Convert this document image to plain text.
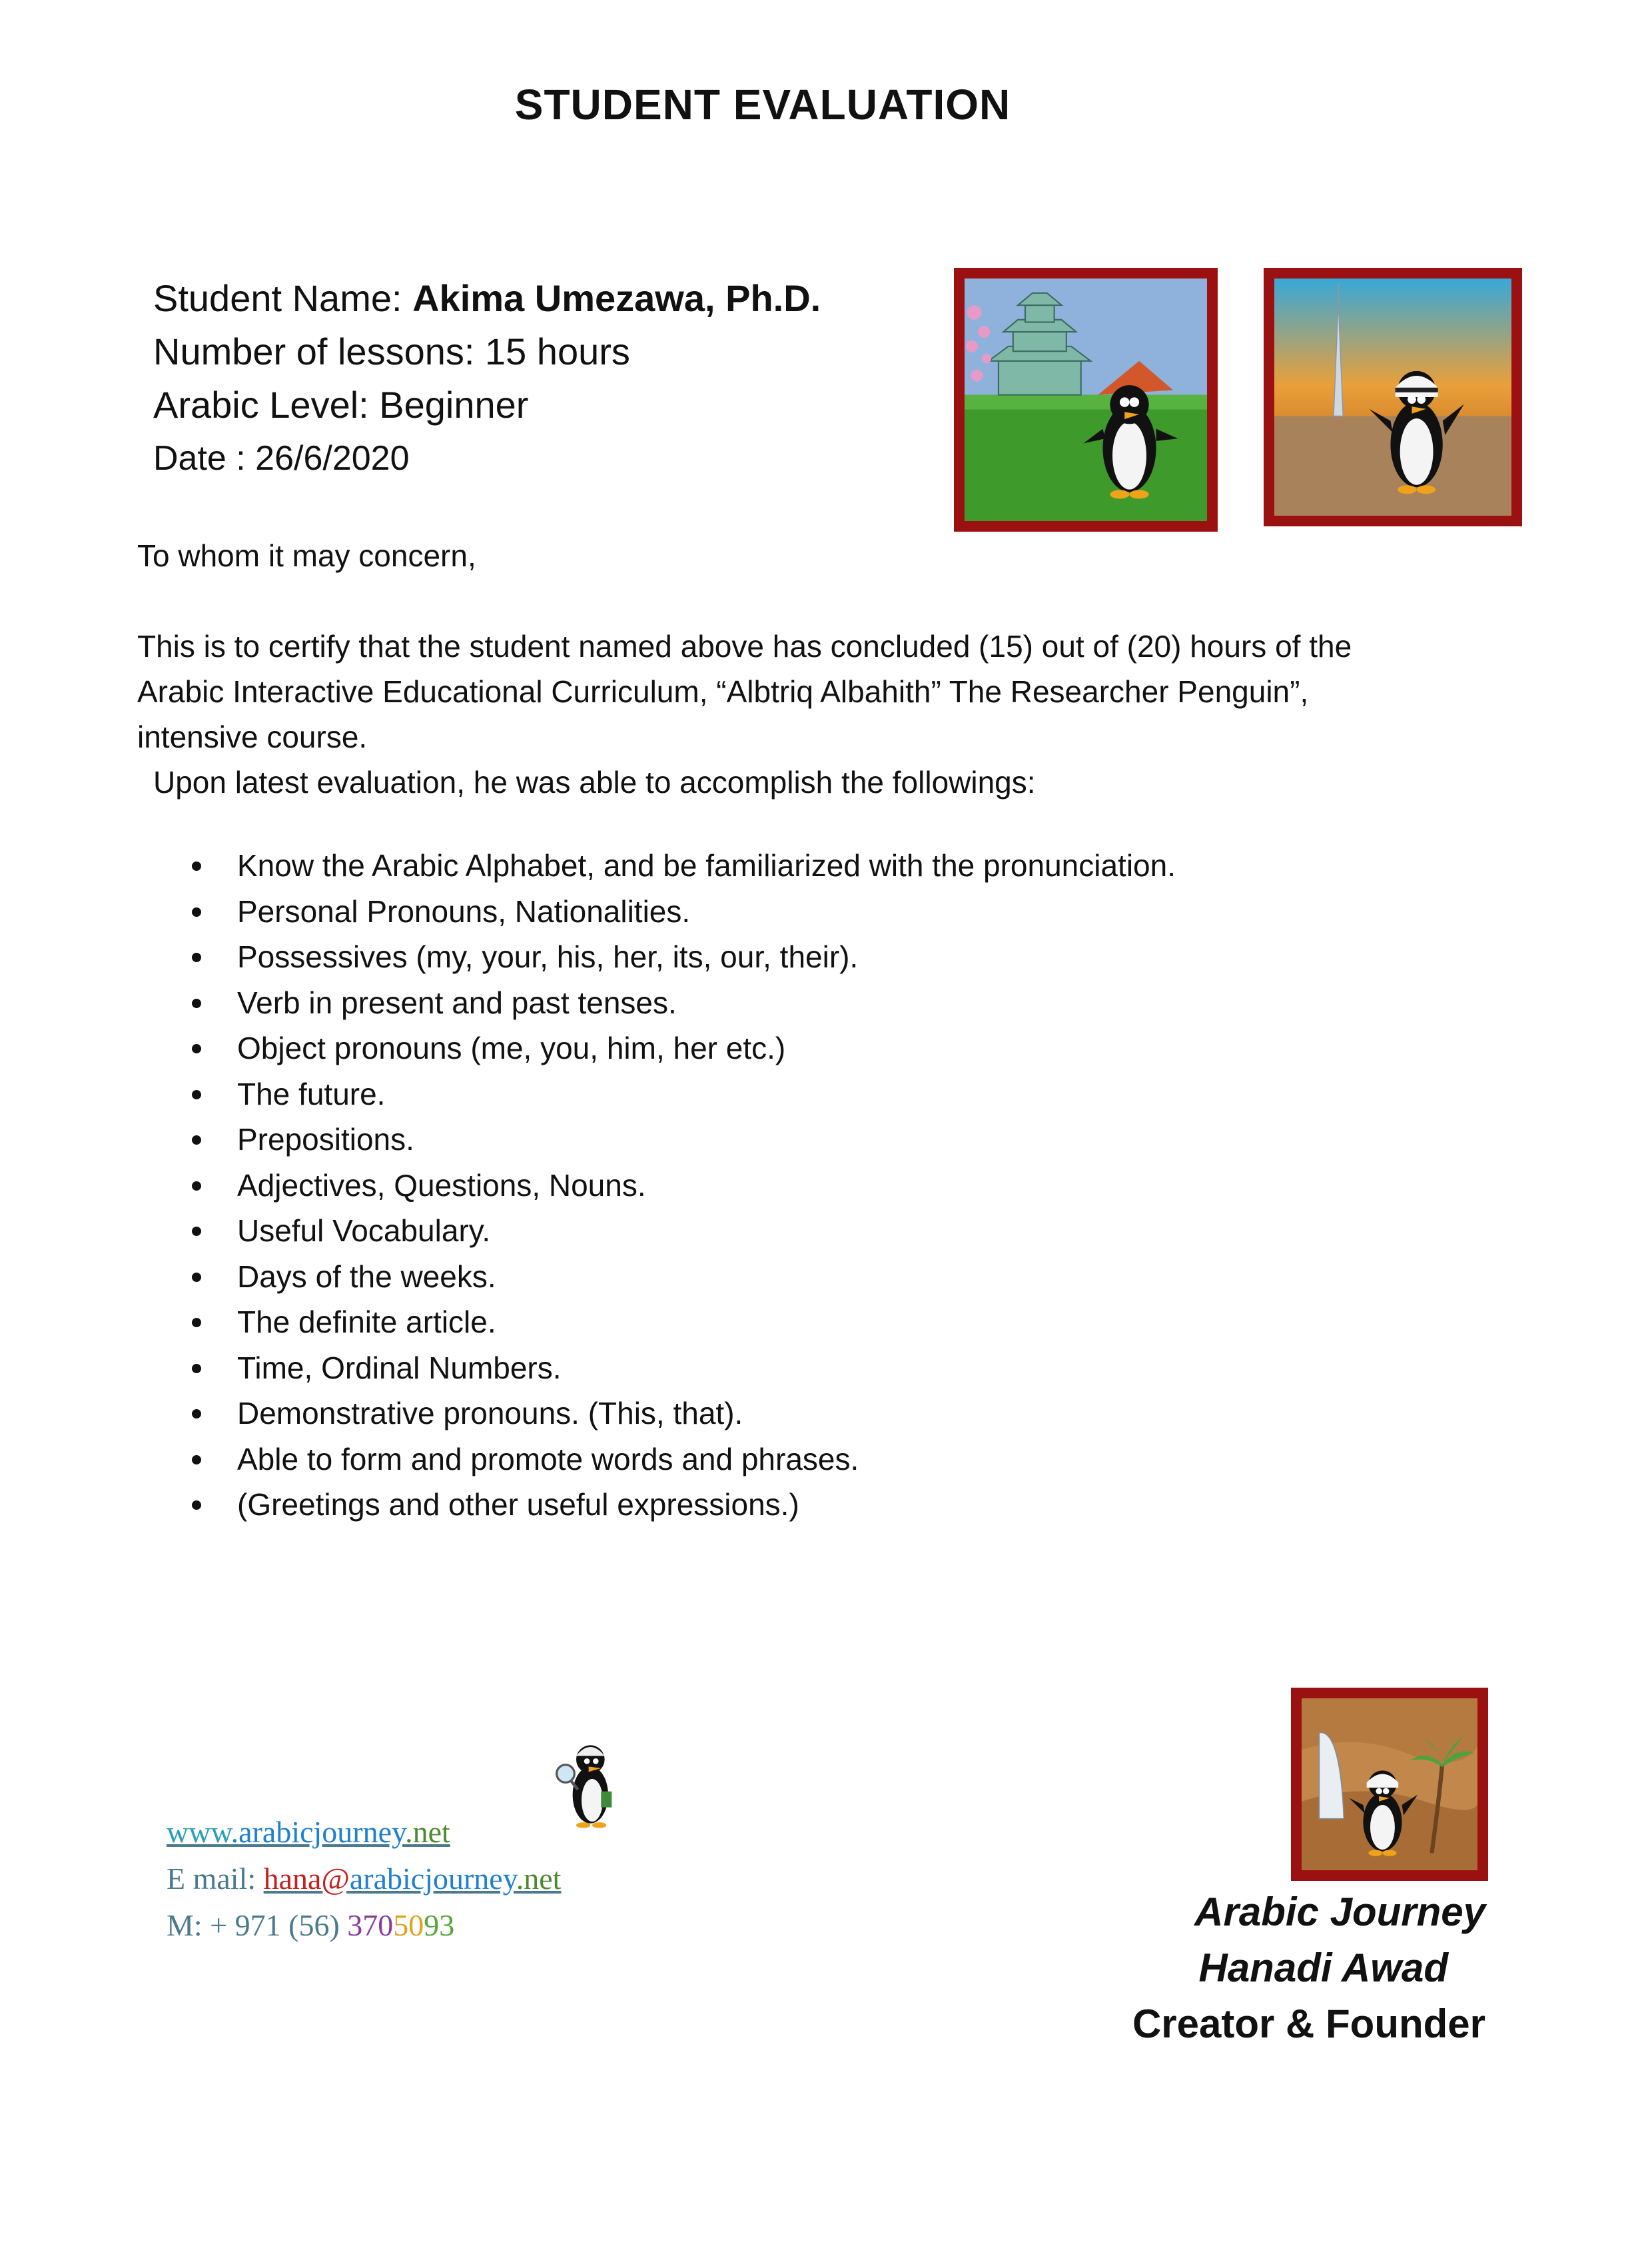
STUDENT EVALUATION
Student Name: Akima Umezawa, Ph.D.
Number of lessons: 15 hours
Arabic Level: Beginner
Date : 26/6/2020

To whom it may concern,

This is to certify that the student named above has concluded (15) out of (20) hours of the Arabic Interactive Educational Curriculum, “Albtriq Albahith” The Researcher Penguin”, intensive course.

Upon latest evaluation, he was able to accomplish the followings:

Know the Arabic Alphabet, and be familiarized with the pronunciation.
Personal Pronouns, Nationalities.
Possessives (my, your, his, her, its, our, their).
Verb in present and past tenses.
Object pronouns (me, you, him, her etc.)
The future.
Prepositions.
Adjectives, Questions, Nouns.
Useful Vocabulary.
Days of the weeks.
The definite article.
Time, Ordinal Numbers.
Demonstrative pronouns. (This, that).
Able to form and promote words and phrases.
(Greetings and other useful expressions.)
www.arabicjourney.net
E mail: hana@arabicjourney.net
M: + 971 (56) 3705093	Arabic Journey
Hanadi Awad
Creator & Founder
